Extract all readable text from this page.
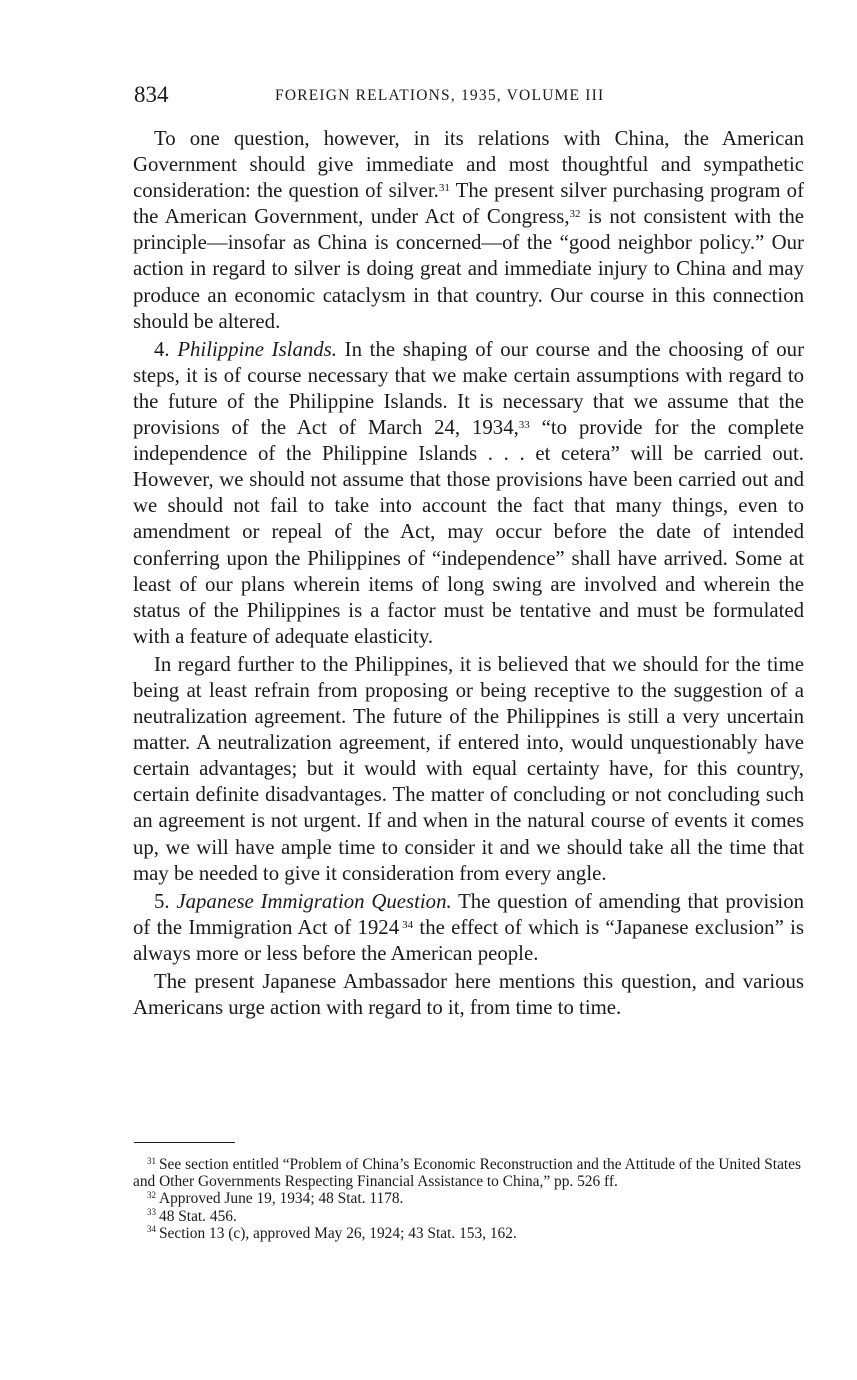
834	FOREIGN RELATIONS, 1935, VOLUME III

To one question, however, in its relations with China, the American Government should give immediate and most thoughtful and sympathetic consideration: the question of silver.$^{31}$ The present silver purchasing program of the American Government, under Act of Congress,$^{32}$ is not consistent with the principle—insofar as China is concerned—of the “good neighbor policy.” Our action in regard to silver is doing great and immediate injury to China and may produce an economic cataclysm in that country. Our course in this connection should be altered.

4. Philippine Islands. In the shaping of our course and the choosing of our steps, it is of course necessary that we make certain assumptions with regard to the future of the Philippine Islands. It is necessary that we assume that the provisions of the Act of March 24, 1934,33 “to provide for the complete independence of the Philippine Islands . . . et cetera” will be carried out. However, we should not assume that those provisions have been carried out and we should not fail to take into account the fact that many things, even to amendment or repeal of the Act, may occur before the date of intended conferring upon the Philippines of “independence” shall have arrived. Some at least of our plans wherein items of long swing are involved and wherein the status of the Philippines is a factor must be tentative and must be formulated with a feature of adequate elasticity.

In regard further to the Philippines, it is believed that we should for the time being at least refrain from proposing or being receptive to the suggestion of a neutralization agreement. The future of the Philippines is still a very uncertain matter. A neutralization agreement, if entered into, would unquestionably have certain advantages; but it would with equal certainty have, for this country, certain definite disadvantages. The matter of concluding or not concluding such an agreement is not urgent. If and when in the natural course of events it comes up, we will have ample time to consider it and we should take all the time that may be needed to give it consideration from every angle.

5. Japanese Immigration Question. The question of amending that provision of the Immigration Act of 1924 $^{34}$ the effect of which is “Japanese exclusion” is always more or less before the American people.

The present Japanese Ambassador here mentions this question, and various Americans urge action with regard to it, from time to time.

$^{31}$ See section entitled “Problem of China’s Economic Reconstruction and the Attitude of the United States and Other Governments Respecting Financial Assistance to China,” pp. 526 ff.

$^{32}$ Approved June 19, 1934; 48 Stat. 1178.

$^{33}$ 48 Stat. 456.

$^{34}$ Section 13 (c), approved May 26, 1924; 43 Stat. 153, 162.
